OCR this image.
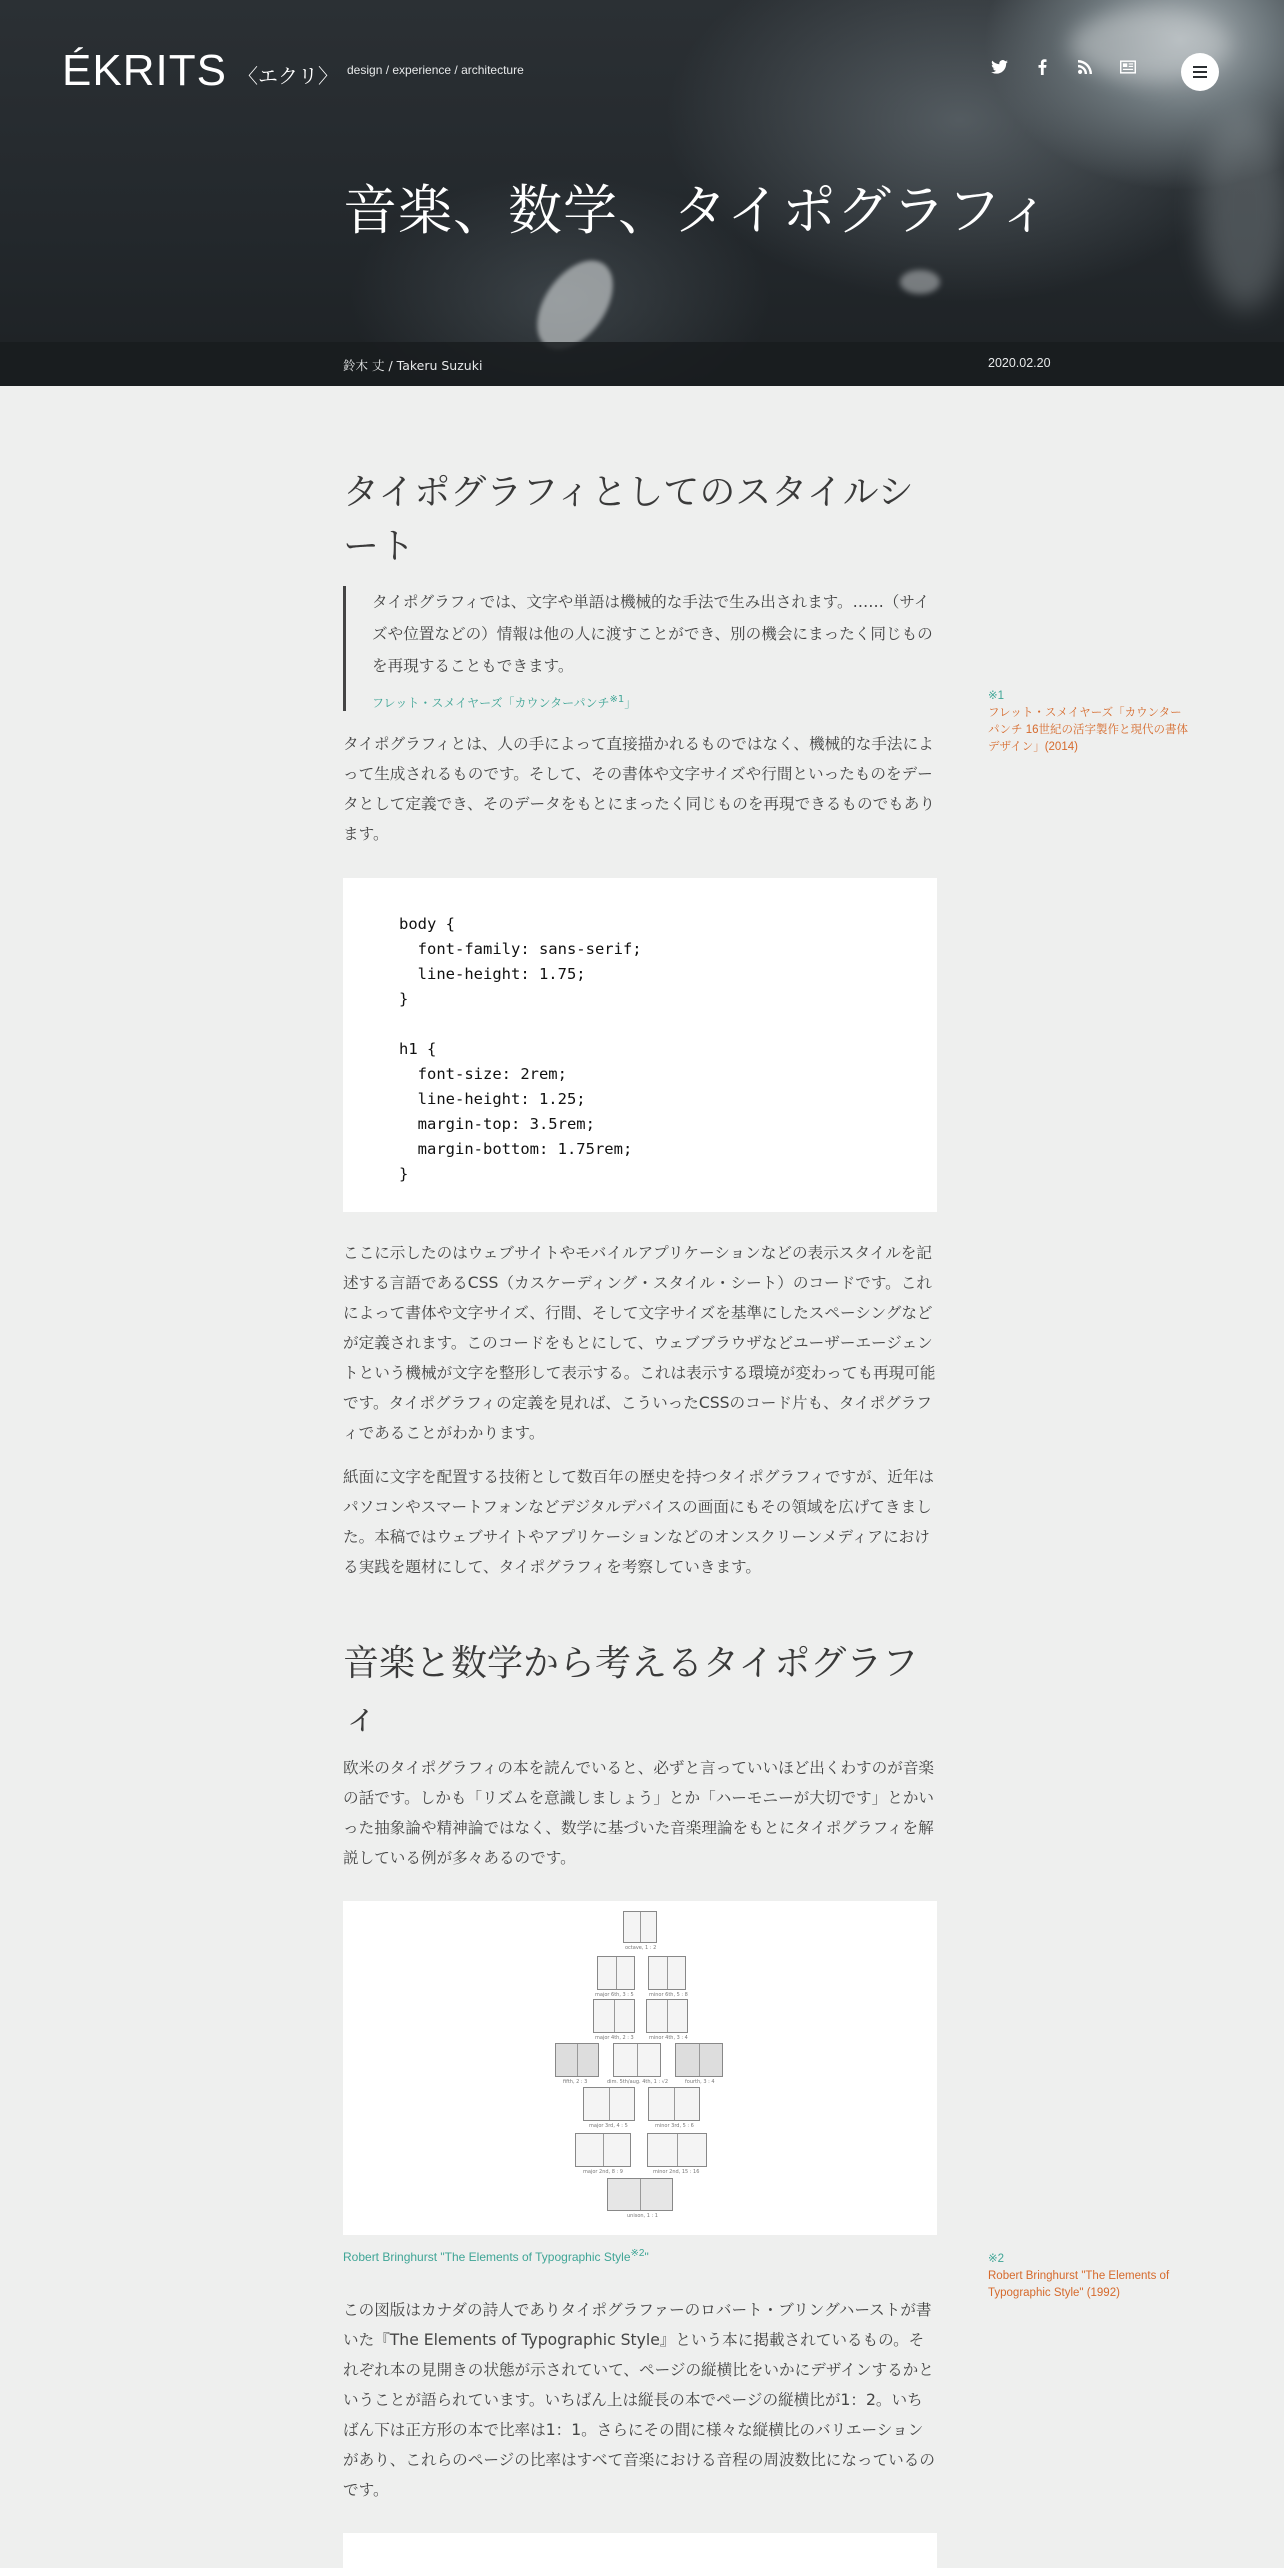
ÉKRITS 〈エクリ〉 design / experience / architecture
音楽、数学、タイポグラフィ
鈴木 丈 / Takeru Suzuki	2020.02.20
タイポグラフィとしてのスタイルシート

タイポグラフィでは、文字や単語は機械的な手法で生み出されます。……（サイズや位置などの）情報は他の人に渡すことができ、別の機会にまったく同じものを再現することもできます。

フレット・スメイヤーズ「カウンターパンチ$^{※1}$」	※1
フレット・スメイヤーズ「カウンターパンチ 16世紀の活字製作と現代の書体デザイン」(2014)

タイポグラフィとは、人の手によって直接描かれるものではなく、機械的な手法によって生成されるものです。そして、その書体や文字サイズや行間といったものをデータとして定義でき、そのデータをもとにまったく同じものを再現できるものでもあります。

body {
font-family: sans-serif;
line-height: 1.75;
}

h1 {
font-size: 2rem;
line-height: 1.25;
margin-top: 3.5rem;
margin-bottom: 1.75rem;
}

ここに示したのはウェブサイトやモバイルアプリケーションなどの表示スタイルを記述する言語であるCSS（カスケーディング・スタイル・シート）のコードです。これによって書体や文字サイズ、行間、そして文字サイズを基準にしたスペーシングなどが定義されます。このコードをもとにして、ウェブブラウザなどユーザーエージェントという機械が文字を整形して表示する。これは表示する環境が変わっても再現可能です。タイポグラフィの定義を見れば、こういったCSSのコード片も、タイポグラフィであることがわかります。

紙面に文字を配置する技術として数百年の歴史を持つタイポグラフィですが、近年はパソコンやスマートフォンなどデジタルデバイスの画面にもその領域を広げてきました。本稿ではウェブサイトやアプリケーションなどのオンスクリーンメディアにおける実践を題材にして、タイポグラフィを考察していきます。

音楽と数学から考えるタイポグラフィ

欧米のタイポグラフィの本を読んでいると、必ずと言っていいほど出くわすのが音楽の話です。しかも「リズムを意識しましょう」とか「ハーモニーが大切です」とかいった抽象論や精神論ではなく、数学に基づいた音楽理論をもとにタイポグラフィを解説している例が多々あるのです。

octave, 1 : 2
major 6th, 3 : 5	minor 6th, 5 : 8
major 4th, 2 : 3	minor 4th, 3 : 4
fifth, 2 : 3	dim. 5th/aug. 4th, 1 : √2	fourth, 3 : 4
major 3rd, 4 : 5	minor 3rd, 5 : 6
major 2nd, 8 : 9	minor 2nd, 15 : 16
unison, 1 : 1
Robert Bringhurst "The Elements of Typographic Style$^{※2}$"	※2
Robert Bringhurst "The Elements of Typographic Style" (1992)

この図版はカナダの詩人でありタイポグラファーのロバート・ブリングハーストが書いた『The Elements of Typographic Style』という本に掲載されているもの。それぞれ本の見開きの状態が示されていて、ページの縦横比をいかにデザインするかということが語られています。いちばん上は縦長の本でページの縦横比が1：2。いちばん下は正方形の本で比率は1：1。さらにその間に様々な縦横比のバリエーションがあり、これらのページの比率はすべて音楽における音程の周波数比になっているのです。
